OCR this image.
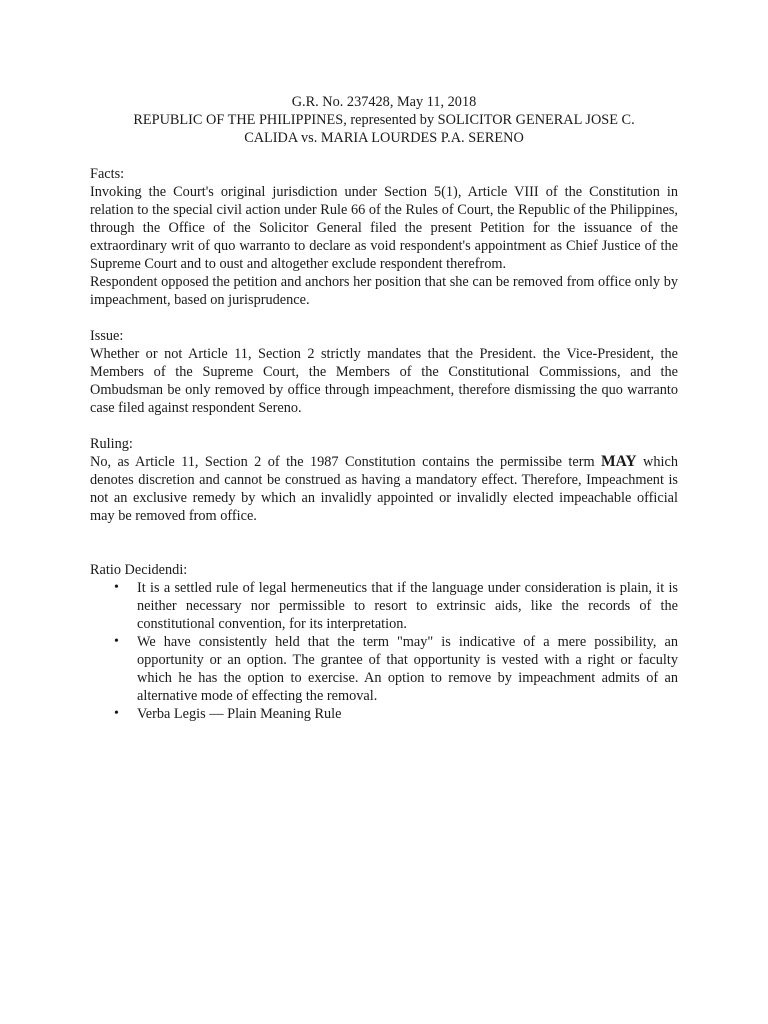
G.R. No. 237428, May 11, 2018

REPUBLIC OF THE PHILIPPINES, represented by SOLICITOR GENERAL JOSE C.

CALIDA vs. MARIA LOURDES P.A. SERENO

Facts:

Invoking the Court's original jurisdiction under Section 5(1), Article VIII of the Constitution in relation to the special civil action under Rule 66 of the Rules of Court, the Republic of the Philippines, through the Office of the Solicitor General filed the present Petition for the issuance of the extraordinary writ of quo warranto to declare as void respondent's appointment as Chief Justice of the Supreme Court and to oust and altogether exclude respondent therefrom.

Respondent opposed the petition and anchors her position that she can be removed from office only by impeachment, based on jurisprudence.

Issue:

Whether or not Article 11, Section 2 strictly mandates that the President. the Vice-President, the Members of the Supreme Court, the Members of the Constitutional Commissions, and the Ombudsman be only removed by office through impeachment, therefore dismissing the quo warranto case filed against respondent Sereno.

Ruling:

No, as Article 11, Section 2 of the 1987 Constitution contains the permissibe term MAY which denotes discretion and cannot be construed as having a mandatory effect. Therefore, Impeachment is not an exclusive remedy by which an invalidly appointed or invalidly elected impeachable official may be removed from office.

Ratio Decidendi:

• It is a settled rule of legal hermeneutics that if the language under consideration is plain, it is neither necessary nor permissible to resort to extrinsic aids, like the records of the constitutional convention, for its interpretation.
• We have consistently held that the term "may" is indicative of a mere possibility, an opportunity or an option. The grantee of that opportunity is vested with a right or faculty which he has the option to exercise. An option to remove by impeachment admits of an alternative mode of effecting the removal.
• Verba Legis — Plain Meaning Rule
